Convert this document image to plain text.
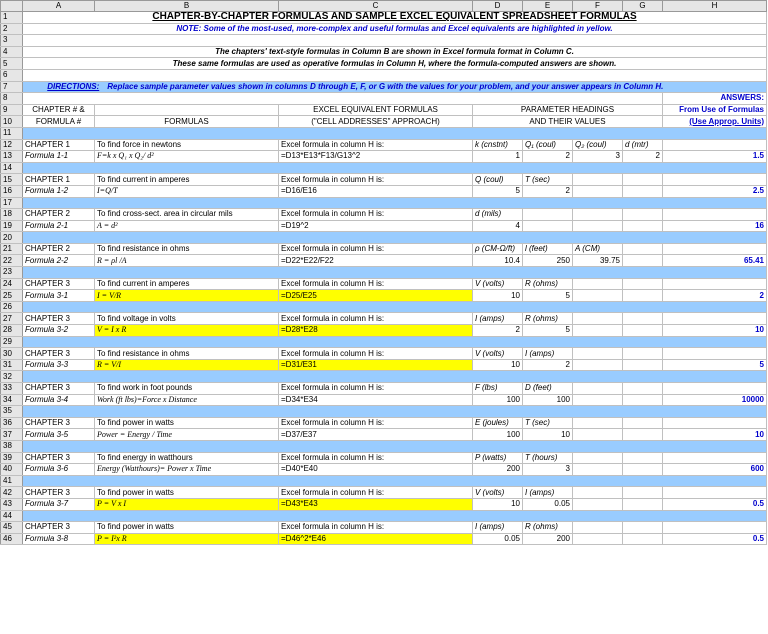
	A	B	C	D	E	F	G	H
1	CHAPTER-BY-CHAPTER FORMULAS AND SAMPLE EXCEL EQUIVALENT SPREADSHEET FORMULAS							
2	NOTE: Some of the most-used, more-complex and useful formulas and Excel equivalents are highlighted in yellow.							
3								
4	The chapters' text-style formulas in Column B are shown in Excel formula format in Column C.							
5	These same formulas are used as operative formulas in Column H, where the formula-computed answers are shown.							
6								
7	DIRECTIONS: Replace sample parameter values shown in columns D through E, F, or G with the values for your problem, and your answer appears in Column H.							
8								ANSWERS:
9	CHAPTER # &		EXCEL EQUIVALENT FORMULAS	PARAMETER HEADINGS				From Use of Formulas
10	FORMULA #	FORMULAS	("CELL ADDRESSES" APPROACH)	AND THEIR VALUES				(Use Approp. Units)
11								
12	CHAPTER 1	To find force in newtons	Excel formula in column H is:	k (cnstnt)	Q₁ (coul)	Q₂ (coul)	d (mtr)	
13	Formula 1-1	F=k x Q₁ x Q₂/ d²	=D13*E13*F13/G13^2	1	2	3	2	1.5
14								
15	CHAPTER 1	To find current in amperes	Excel formula in column H is:	Q (coul)	T (sec)			
16	Formula 1-2	I=Q/T	=D16/E16	5	2			2.5
17								
18	CHAPTER 2	To find cross-sect. area in circular mils	Excel formula in column H is:	d (mils)				
19	Formula 2-1	A = d²	=D19^2	4				16
20								
21	CHAPTER 2	To find resistance in ohms	Excel formula in column H is:	ρ (CM-Ω/ft)	l (feet)	A (CM)		
22	Formula 2-2	R = ρl /A	=D22*E22/F22	10.4	250	39.75		65.41
23								
24	CHAPTER 3	To find current in amperes	Excel formula in column H is:	V (volts)	R (ohms)			
25	Formula 3-1	I = V/R	=D25/E25	10	5			2
26								
27	CHAPTER 3	To find voltage in volts	Excel formula in column H is:	I (amps)	R (ohms)			
28	Formula 3-2	V = I x R	=D28*E28	2	5			10
29								
30	CHAPTER 3	To find resistance in ohms	Excel formula in column H is:	V (volts)	I (amps)			
31	Formula 3-3	R = V/I	=D31/E31	10	2			5
32								
33	CHAPTER 3	To find work in foot pounds	Excel formula in column H is:	F (lbs)	D (feet)			
34	Formula 3-4	Work (ft lbs)=Force x Distance	=D34*E34	100	100			10000
35								
36	CHAPTER 3	To find power in watts	Excel formula in column H is:	E (joules)	T (sec)			
37	Formula 3-5	Power = Energy / Time	=D37/E37	100	10			10
38								
39	CHAPTER 3	To find energy in watthours	Excel formula in column H is:	P (watts)	T (hours)			
40	Formula 3-6	Energy (Watthours)= Power x Time	=D40*E40	200	3			600
41								
42	CHAPTER 3	To find power in watts	Excel formula in column H is:	V (volts)	I (amps)			
43	Formula 3-7	P = V x I	=D43*E43	10	0.05			0.5
44								
45	CHAPTER 3	To find power in watts	Excel formula in column H is:	I (amps)	R (ohms)			
46	Formula 3-8	P = I²x R	=D46^2*E46	0.05	200			0.5
